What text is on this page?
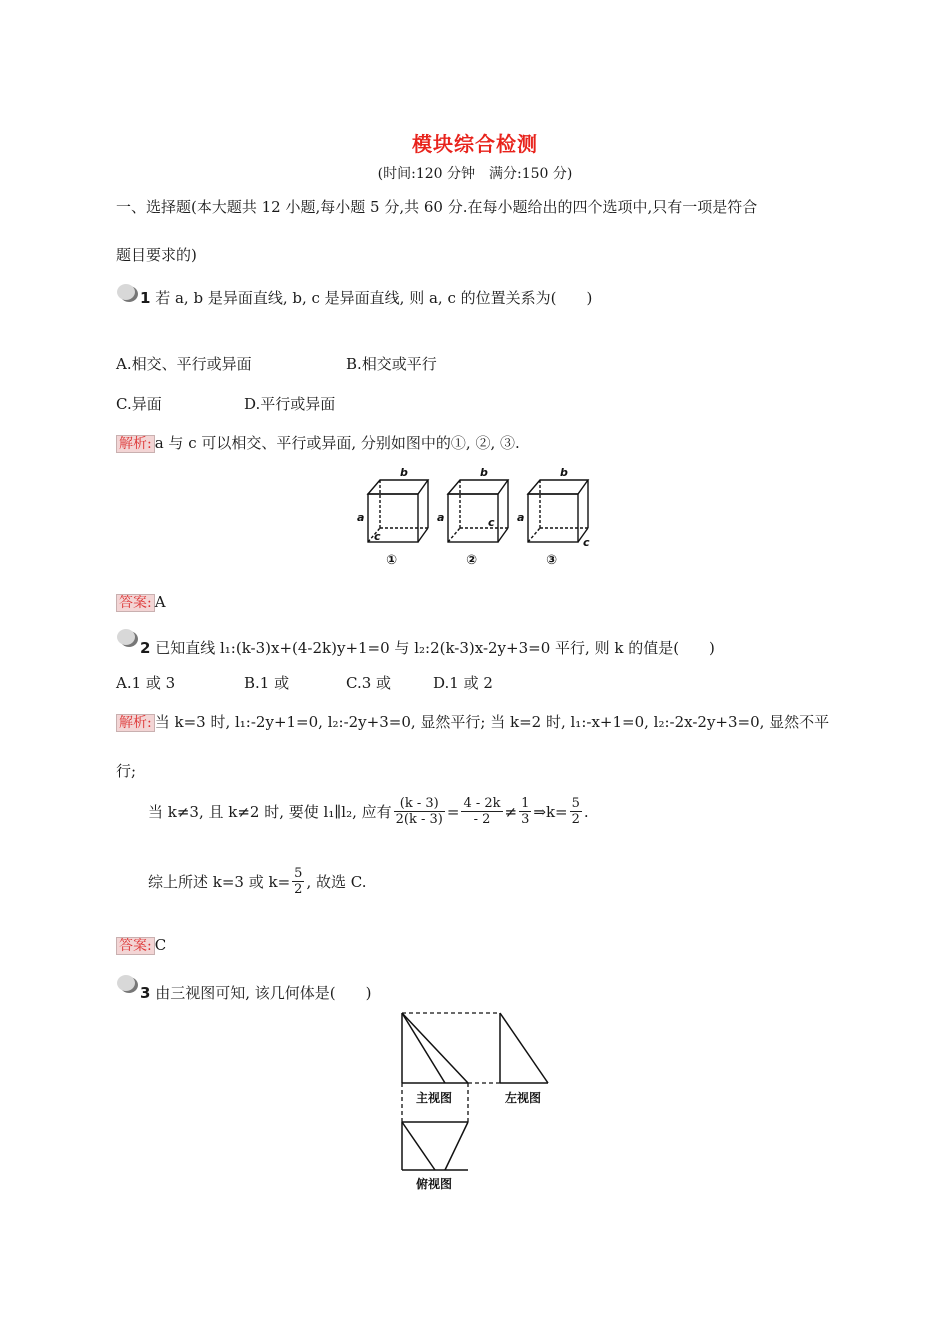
模块综合检测
(时间:120 分钟　满分:150 分)
一、选择题(本大题共 12 小题,每小题 5 分,共 60 分.在每小题给出的四个选项中,只有一项是符合
题目要求的)
1 若 a, b 是异面直线, b, c 是异面直线, 则 a, c 的位置关系为(　　)
A.相交、平行或异面	B.相交或平行
C.异面	D.平行或异面
解析: a 与 c 可以相交、平行或异面, 分别如图中的①, ②, ③.
b
a
c
b
a	c
b
a
c
①	②	③
答案: A
2 已知直线 l₁:(k-3)x+(4-2k)y+1=0 与 l₂:2(k-3)x-2y+3=0 平行, 则 k 的值是(　　)
A.1 或 3	B.1 或	C.3 或	D.1 或 2
解析: 当 k=3 时, l₁:-2y+1=0, l₂:-2y+3=0, 显然平行; 当 k=2 时, l₁:-x+1=0, l₂:-2x-2y+3=0, 显然不平
行;
当 k≠3, 且 k≠2 时, 要使 l₁∥l₂, 应有 $\frac{(k - 3)}{2(k - 3)} = \frac{4 - 2k}{- 2} \ne \frac{1}{3}$ ⇒k= $\frac{5}{2}$ .
综上所述 k=3 或 $k= \frac{5}{2}$ , 故选 C.
答案: C
3 由三视图可知, 该几何体是(　　)
主视图	左视图
俯视图
